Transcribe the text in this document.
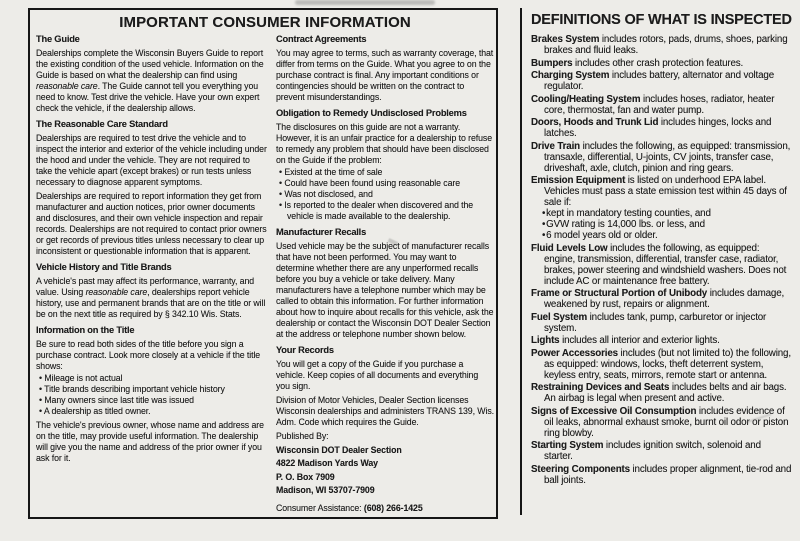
IMPORTANT CONSUMER INFORMATION
The Guide

Dealerships complete the Wisconsin Buyers Guide to report the existing condition of the used vehicle. Information on the Guide is based on what the dealership can find using reasonable care. The Guide cannot tell you everything you need to know. Test drive the vehicle. Have your own expert check the vehicle, if the dealership allows.

The Reasonable Care Standard

Dealerships are required to test drive the vehicle and to inspect the interior and exterior of the vehicle including under the hood and under the vehicle. They are not required to take the vehicle apart (except brakes) or run tests unless necessary to diagnose apparent symptoms.

Dealerships are required to report information they get from manufacturer and auction notices, prior owner documents and disclosures, and their own vehicle inspection and repair records. Dealerships are not required to contact prior owners or get records of previous titles unless necessary to clear up inconsistent or questionable information that is apparent.

Vehicle History and Title Brands

A vehicle's past may affect its performance, warranty, and value. Using reasonable care, dealerships report vehicle history, use and permanent brands that are on the title or will be on the next title as required by § 342.10 Wis. Stats.

Information on the Title

Be sure to read both sides of the title before you sign a purchase contract. Look more closely at a vehicle if the title shows:

• Mileage is not actual
• Title brands describing important vehicle history
• Many owners since last title was issued
• A dealership as titled owner.

The vehicle's previous owner, whose name and address are on the title, may provide useful information. The dealership will give you the name and address of the prior owner if you ask for it.

Contract Agreements

You may agree to terms, such as warranty coverage, that differ from terms on the Guide. What you agree to on the purchase contract is final. Any important conditions or contingencies should be written on the contract to prevent misunderstandings.

Obligation to Remedy Undisclosed Problems

The disclosures on this guide are not a warranty. However, it is an unfair practice for a dealership to refuse to remedy any problem that should have been disclosed on the Guide if the problem:

• Existed at the time of sale
• Could have been found using reasonable care
• Was not disclosed, and
• Is reported to the dealer when discovered and the vehicle is made available to the dealership.
Manufacturer Recalls

Used vehicle may be the subject of manufacturer recalls that have not been performed. You may want to determine whether there are any unperformed recalls before you buy a vehicle or take delivery. Many manufacturers have a telephone number which may be called to obtain this information. For further information about how to inquire about recalls for this vehicle, ask the dealership or contact the Wisconsin DOT Dealer Section at the address or telephone number shown below.

Your Records

You will get a copy of the Guide if you purchase a vehicle. Keep copies of all documents and everything you sign.

Division of Motor Vehicles, Dealer Section licenses Wisconsin dealerships and administers TRANS 139, Wis. Adm. Code which requires the Guide.

Published By:

Wisconsin DOT Dealer Section
4822 Madison Yards Way
P. O. Box 7909
Madison, WI 53707-7909

Consumer Assistance: (608) 266-1425

DEFINITIONS OF WHAT IS INSPECTED

Brakes System includes rotors, pads, drums, shoes, parking brakes and fluid leaks.

Bumpers includes other crash protection features.

Charging System includes battery, alternator and voltage regulator.

Cooling/Heating System includes hoses, radiator, heater core, thermostat, fan and water pump.

Doors, Hoods and Trunk Lid includes hinges, locks and latches.

Drive Train includes the following, as equipped: transmission, transaxle, differential, U-joints, CV joints, transfer case, driveshaft, axle, clutch, pinion and ring gears.

Emission Equipment is listed on underhood EPA label. Vehicles must pass a state emission test within 45 days of sale if:

• kept in mandatory testing counties, and
• GVW rating is 14,000 lbs. or less, and
• 6 model years old or older.

Fluid Levels Low includes the following, as equipped: engine, transmission, differential, transfer case, radiator, brakes, power steering and windshield washers. Does not include AC or maintenance free battery.

Frame or Structural Portion of Unibody includes damage, weakened by rust, repairs or alignment.

Fuel System includes tank, pump, carburetor or injector system.

Lights includes all interior and exterior lights.

Power Accessories includes (but not limited to) the following, as equipped: windows, locks, theft deterrent system, keyless entry, seats, mirrors, remote start or antenna.

Restraining Devices and Seats includes belts and air bags. An airbag is legal when present and active.

Signs of Excessive Oil Consumption includes evidence of oil leaks, abnormal exhaust smoke, burnt oil odor or piston ring blowby.

Starting System includes ignition switch, solenoid and starter.

Steering Components includes proper alignment, tie-rod and ball joints.
